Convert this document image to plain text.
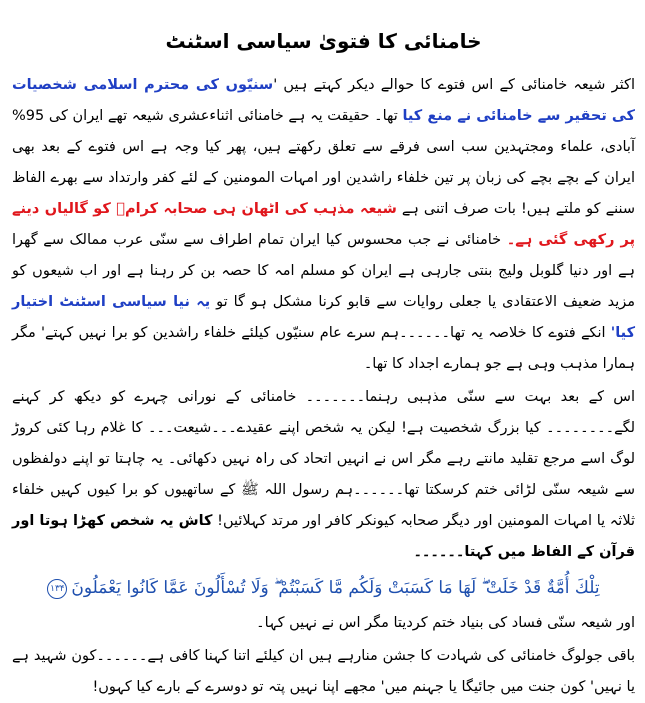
خامنائی کا فتویٰ سیاسی اسٹنٹ

اکثر شیعہ خامنائی کے اس فتوے کا حوالے دیکر کہتے ہیں 'سنیّوں کی محترم اسلامی شخصیات کی تحقیر سے خامنائی نے منع کیا تھا۔ حقیقت یہ ہے خامنائی اثناءعشری شیعہ تھے ایران کی 95% آبادی، علماء ومجتہدین سب اسی فرقے سے تعلق رکھتے ہیں، پھر کیا وجہ ہے اس فتوے کے بعد بھی ایران کے بچے بچے کی زبان پر تین خلفاء راشدین اور امہات المومنین کے لئے کفر وارتداد سے بھرے الفاظ سننے کو ملتے ہیں! بات صرف اتنی ہے شیعہ مذہب کی اٹھان ہی صحابہ کرامؓ کو گالیاں دینے پر رکھی گئی ہے۔ خامنائی نے جب محسوس کیا ایران تمام اطراف سے سنّی عرب ممالک سے گھرا ہے اور دنیا گلوبل ولیج بنتی جارہی ہے ایران کو مسلم امہ کا حصہ بن کر رہنا ہے اور اب شیعوں کو مزید ضعیف الاعتقادی یا جعلی روایات سے قابو کرنا مشکل ہو گا تو یہ نیا سیاسی اسٹنٹ اختیار کیا' انکے فتوے کا خلاصہ یہ تھا۔۔۔۔۔۔ہم سرے عام سنیّوں کیلئے خلفاء راشدین کو برا نہیں کہتے' مگر ہمارا مذہب وہی ہے جو ہمارے اجداد کا تھا۔

اس کے بعد بہت سے سنّی مذہبی رہنما۔۔۔۔۔۔۔ خامنائی کے نورانی چہرے کو دیکھ کر کہنے لگے۔۔۔۔۔۔۔۔ کیا بزرگ شخصیت ہے! لیکن یہ شخص اپنے عقیدے۔۔۔شیعت۔۔۔ کا غلام رہا کئی کروڑ لوگ اسے مرجع تقلید مانتے رہے مگر اس نے انہیں اتحاد کی راہ نہیں دکھائی۔ یہ چاہتا تو اپنے دولفظوں سے شیعہ سنّی لڑائی ختم کرسکتا تھا۔۔۔۔۔۔ہم رسول اللہ ﷺ کے ساتھیوں کو برا کیوں کہیں خلفاء ثلاثہ یا امہات المومنین اور دیگر صحابہ کیونکر کافر اور مرتد کہلائیں! کاش یہ شخص کھڑا ہوتا اور قرآن کے الفاظ میں کہتا۔۔۔۔۔۔

تِلْكَ أُمَّةٌ قَدْ خَلَتْ ۖ لَهَا مَا كَسَبَتْ وَلَكُم مَّا كَسَبْتُمْ ۖ وَلَا تُسْأَلُونَ عَمَّا كَانُوا يَعْمَلُونَ۱۳۴

اور شیعہ سنّی فساد کی بنیاد ختم کردیتا مگر اس نے نہیں کہا۔

باقی جولوگ خامنائی کی شہادت کا جشن منارہے ہیں ان کیلئے اتنا کہنا کافی ہے۔۔۔۔۔۔کون شہید ہے یا نہیں' کون جنت میں جائیگا یا جہنم میں' مجھے اپنا نہیں پتہ تو دوسرے کے بارے کیا کہوں!
